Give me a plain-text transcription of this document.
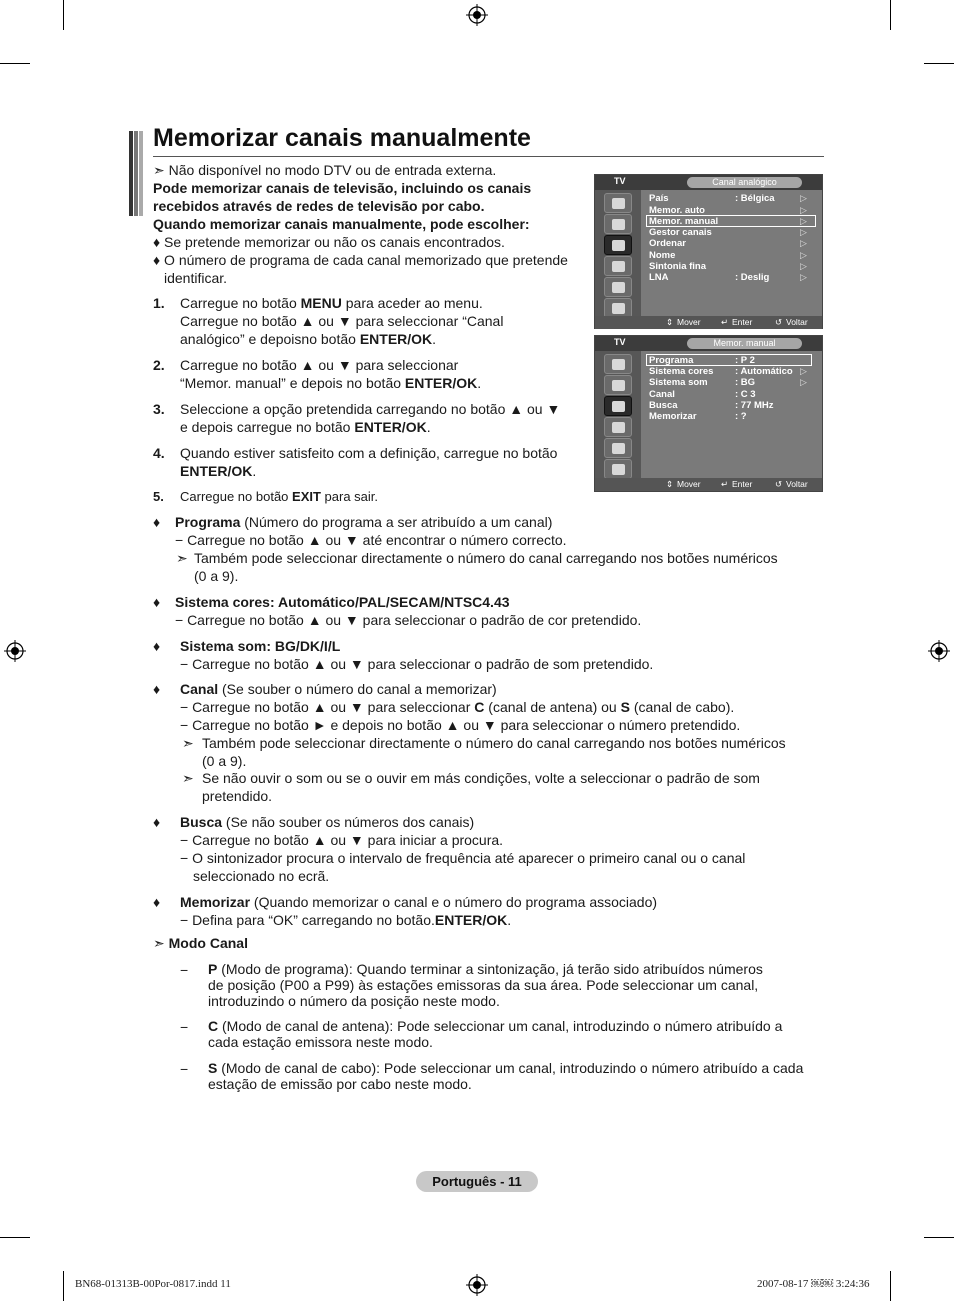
Memorizar canais manualmente
➣ Não disponível no modo DTV ou de entrada externa.
Pode memorizar canais de televisão, incluindo os canais
recebidos através de redes de televisão por cabo.
Quando memorizar canais manualmente, pode escolher:
♦ Se pretende memorizar ou não os canais encontrados.
♦ O número de programa de cada canal memorizado que pretende
identificar.
1. Carregue no botão MENU para aceder ao menu.
Carregue no botão ▲ ou ▼ para seleccionar “Canal
analógico” e depoisno botão ENTER/OK.
2. Carregue no botão ▲ ou ▼ para seleccionar
“Memor. manual” e depois no botão ENTER/OK.
3. Seleccione a opção pretendida carregando no botão ▲ ou ▼
e depois carregue no botão ENTER/OK.
4. Quando estiver satisfeito com a definição, carregue no botão
ENTER/OK.
5. Carregue no botão EXIT para sair.
TV	Canal analógico
País	: Bélgica	▷
Memor. auto	▷
Memor. manual	▷
Gestor canais	▷
Ordenar	▷
Nome	▷
Sintonia fina	▷
LNA	: Deslig	▷
⇕ Mover ↵ Enter	↺ Voltar
TV	Memor. manual
Programa	: P 2
Sistema cores : Automático ▷
Sistema som	: BG	▷
Canal	: C 3
Busca	: 77 MHz
Memorizar	: ?
⇕ Mover ↵ Enter	↺ Voltar
♦ Programa (Número do programa a ser atribuído a um canal)
− Carregue no botão ▲ ou ▼ até encontrar o número correcto.
➣ Também pode seleccionar directamente o número do canal carregando nos botões numéricos
(0 a 9).
♦ Sistema cores: Automático/PAL/SECAM/NTSC4.43
− Carregue no botão ▲ ou ▼ para seleccionar o padrão de cor pretendido.
♦ Sistema som: BG/DK/I/L
− Carregue no botão ▲ ou ▼ para seleccionar o padrão de som pretendido.
♦ Canal (Se souber o número do canal a memorizar)
− Carregue no botão ▲ ou ▼ para seleccionar C (canal de antena) ou S (canal de cabo).
− Carregue no botão ► e depois no botão ▲ ou ▼ para seleccionar o número pretendido.
➣ Também pode seleccionar directamente o número do canal carregando nos botões numéricos
(0 a 9).
➣ Se não ouvir o som ou se o ouvir em más condições, volte a seleccionar o padrão de som
pretendido.
♦ Busca (Se não souber os números dos canais)
− Carregue no botão ▲ ou ▼ para iniciar a procura.
− O sintonizador procura o intervalo de frequência até aparecer o primeiro canal ou o canal
seleccionado no ecrã.
♦ Memorizar (Quando memorizar o canal e o número do programa associado)
− Defina para “OK” carregando no botão.ENTER/OK.
➣ Modo Canal
− P (Modo de programa): Quando terminar a sintonização, já terão sido atribuídos números
de posição (P00 a P99) às estações emissoras da sua área. Pode seleccionar um canal,
introduzindo o número da posição neste modo.
− C (Modo de canal de antena): Pode seleccionar um canal, introduzindo o número atribuído a
cada estação emissora neste modo.
− S (Modo de canal de cabo): Pode seleccionar um canal, introduzindo o número atribuído a cada
estação de emissão por cabo neste modo.
Português - 11
BN68-01313B-00Por-0817.indd 11	2007-08-17 ￼￼ 3:24:36
